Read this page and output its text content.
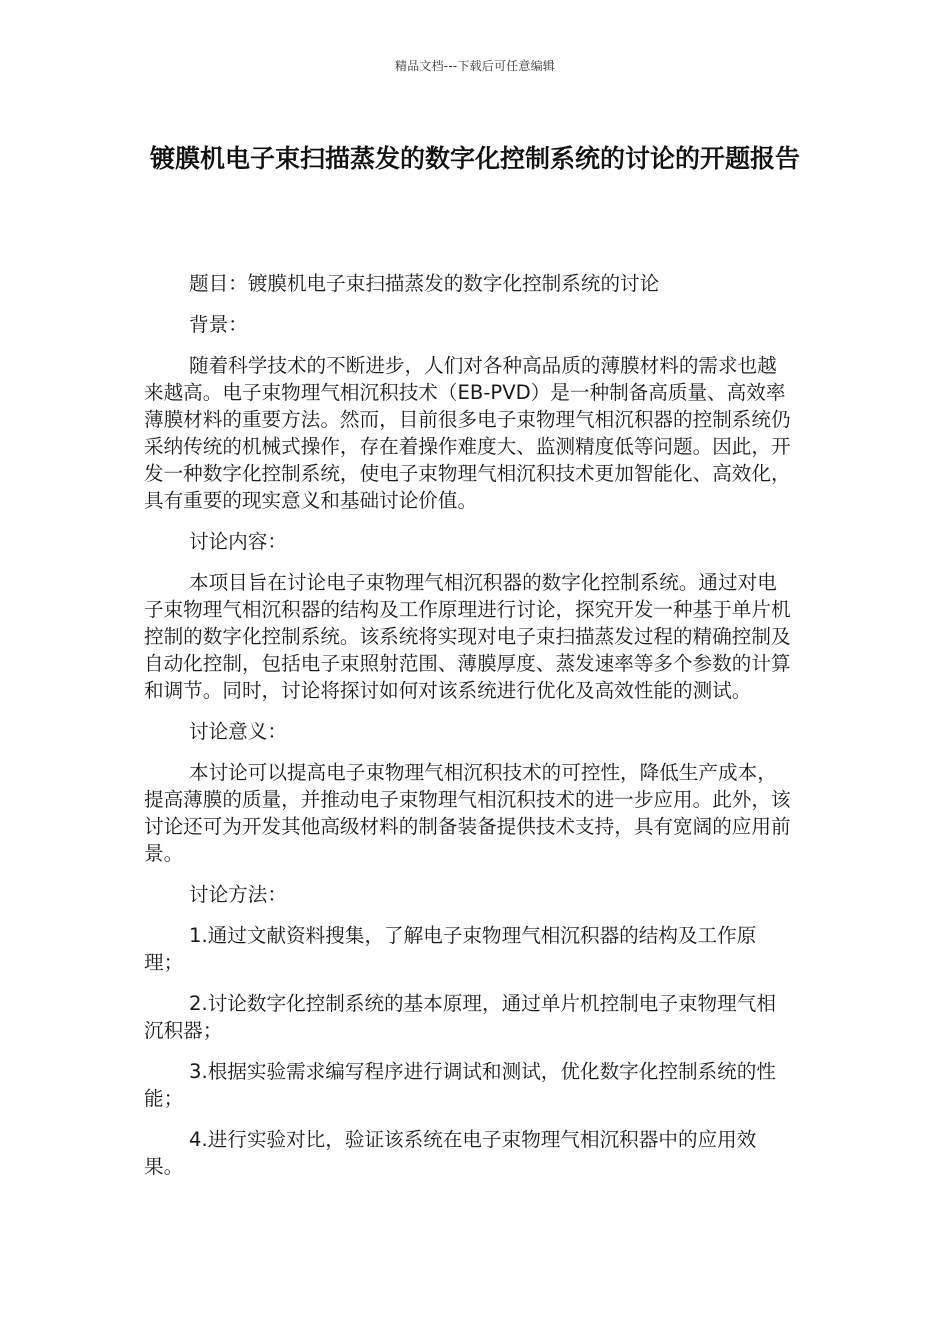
精品文档---下载后可任意编辑
镀膜机电子束扫描蒸发的数字化控制系统的讨论的开题报告

题目：镀膜机电子束扫描蒸发的数字化控制系统的讨论

背景：

随着科学技术的不断进步，人们对各种高品质的薄膜材料的需求也越来越高。电子束物理气相沉积技术（EB-PVD）是一种制备高质量、高效率薄膜材料的重要方法。然而，目前很多电子束物理气相沉积器的控制系统仍采纳传统的机械式操作，存在着操作难度大、监测精度低等问题。因此，开发一种数字化控制系统，使电子束物理气相沉积技术更加智能化、高效化，具有重要的现实意义和基础讨论价值。

讨论内容：

本项目旨在讨论电子束物理气相沉积器的数字化控制系统。通过对电子束物理气相沉积器的结构及工作原理进行讨论，探究开发一种基于单片机控制的数字化控制系统。该系统将实现对电子束扫描蒸发过程的精确控制及自动化控制，包括电子束照射范围、薄膜厚度、蒸发速率等多个参数的计算和调节。同时，讨论将探讨如何对该系统进行优化及高效性能的测试。

讨论意义：

本讨论可以提高电子束物理气相沉积技术的可控性，降低生产成本，提高薄膜的质量，并推动电子束物理气相沉积技术的进一步应用。此外，该讨论还可为开发其他高级材料的制备装备提供技术支持，具有宽阔的应用前景。

讨论方法：

1.通过文献资料搜集，了解电子束物理气相沉积器的结构及工作原理；

2.讨论数字化控制系统的基本原理，通过单片机控制电子束物理气相沉积器；

3.根据实验需求编写程序进行调试和测试，优化数字化控制系统的性能；

4.进行实验对比，验证该系统在电子束物理气相沉积器中的应用效果。
